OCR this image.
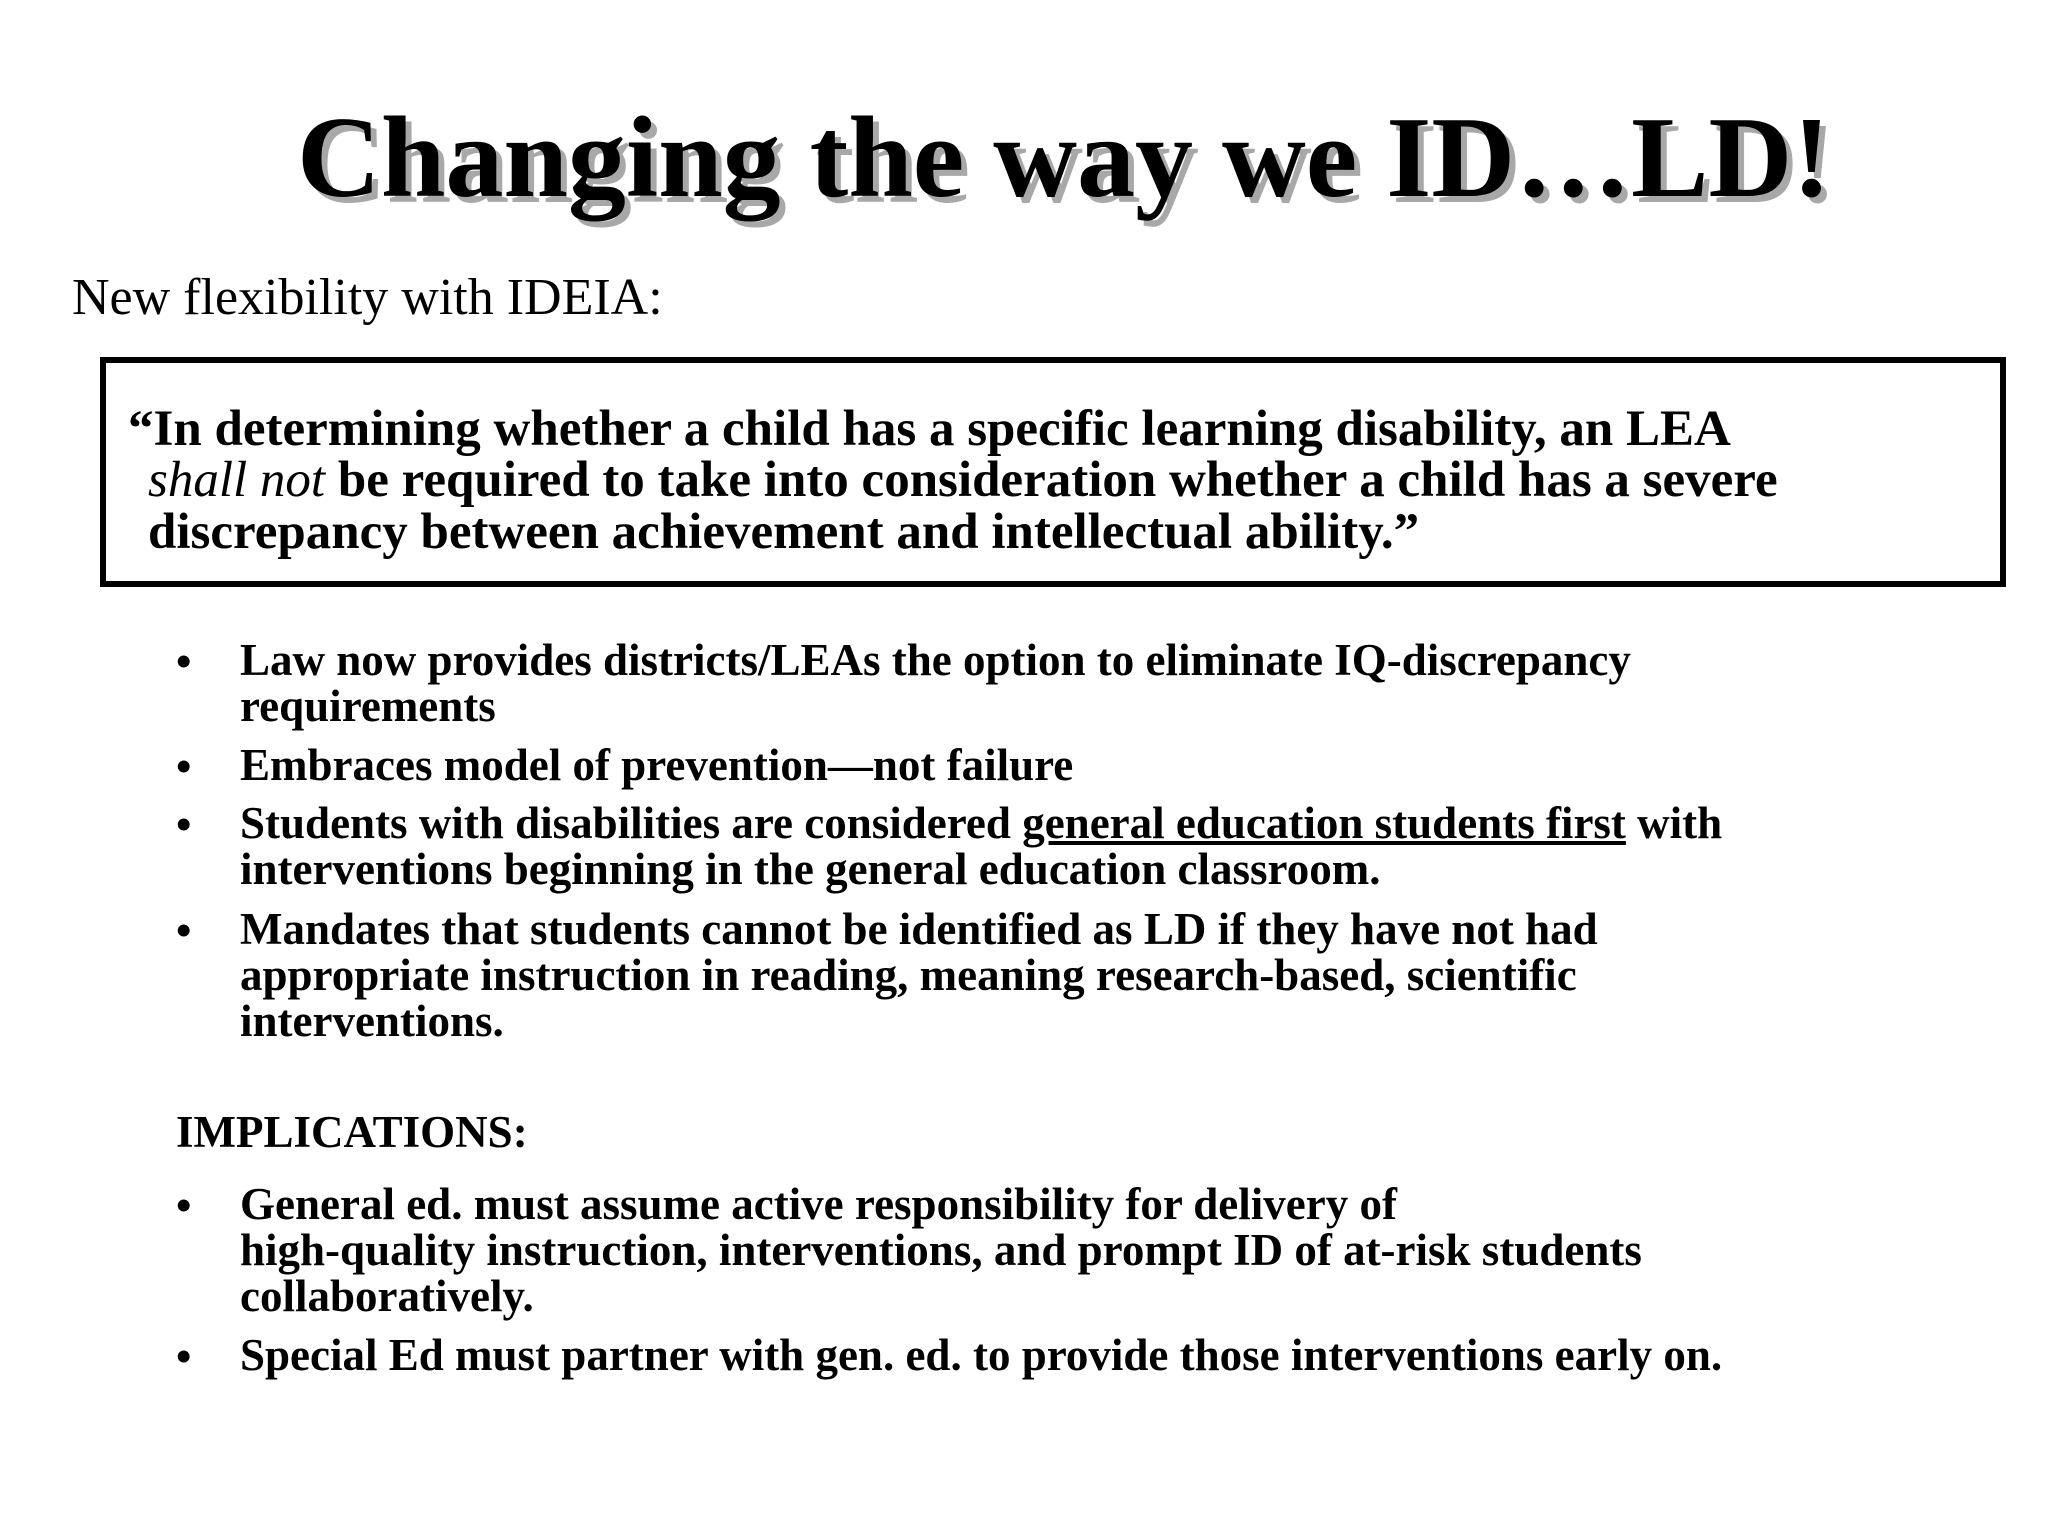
Changing the way we ID…LD!
New flexibility with IDEIA:
“In determining whether a child has a specific learning disability, an LEA
shall not be required to take into consideration whether a child has a severe
discrepancy between achievement and intellectual ability.”
• Law now provides districts/LEAs the option to eliminate IQ-discrepancy
requirements
• Embraces model of prevention—not failure
• Students with disabilities are considered general education students first with
interventions beginning in the general education classroom.
• Mandates that students cannot be identified as LD if they have not had
appropriate instruction in reading, meaning research-based, scientific
interventions.
IMPLICATIONS:
• General ed. must assume active responsibility for delivery of
high-quality instruction, interventions, and prompt ID of at-risk students
collaboratively.
• Special Ed must partner with gen. ed. to provide those interventions early on.
